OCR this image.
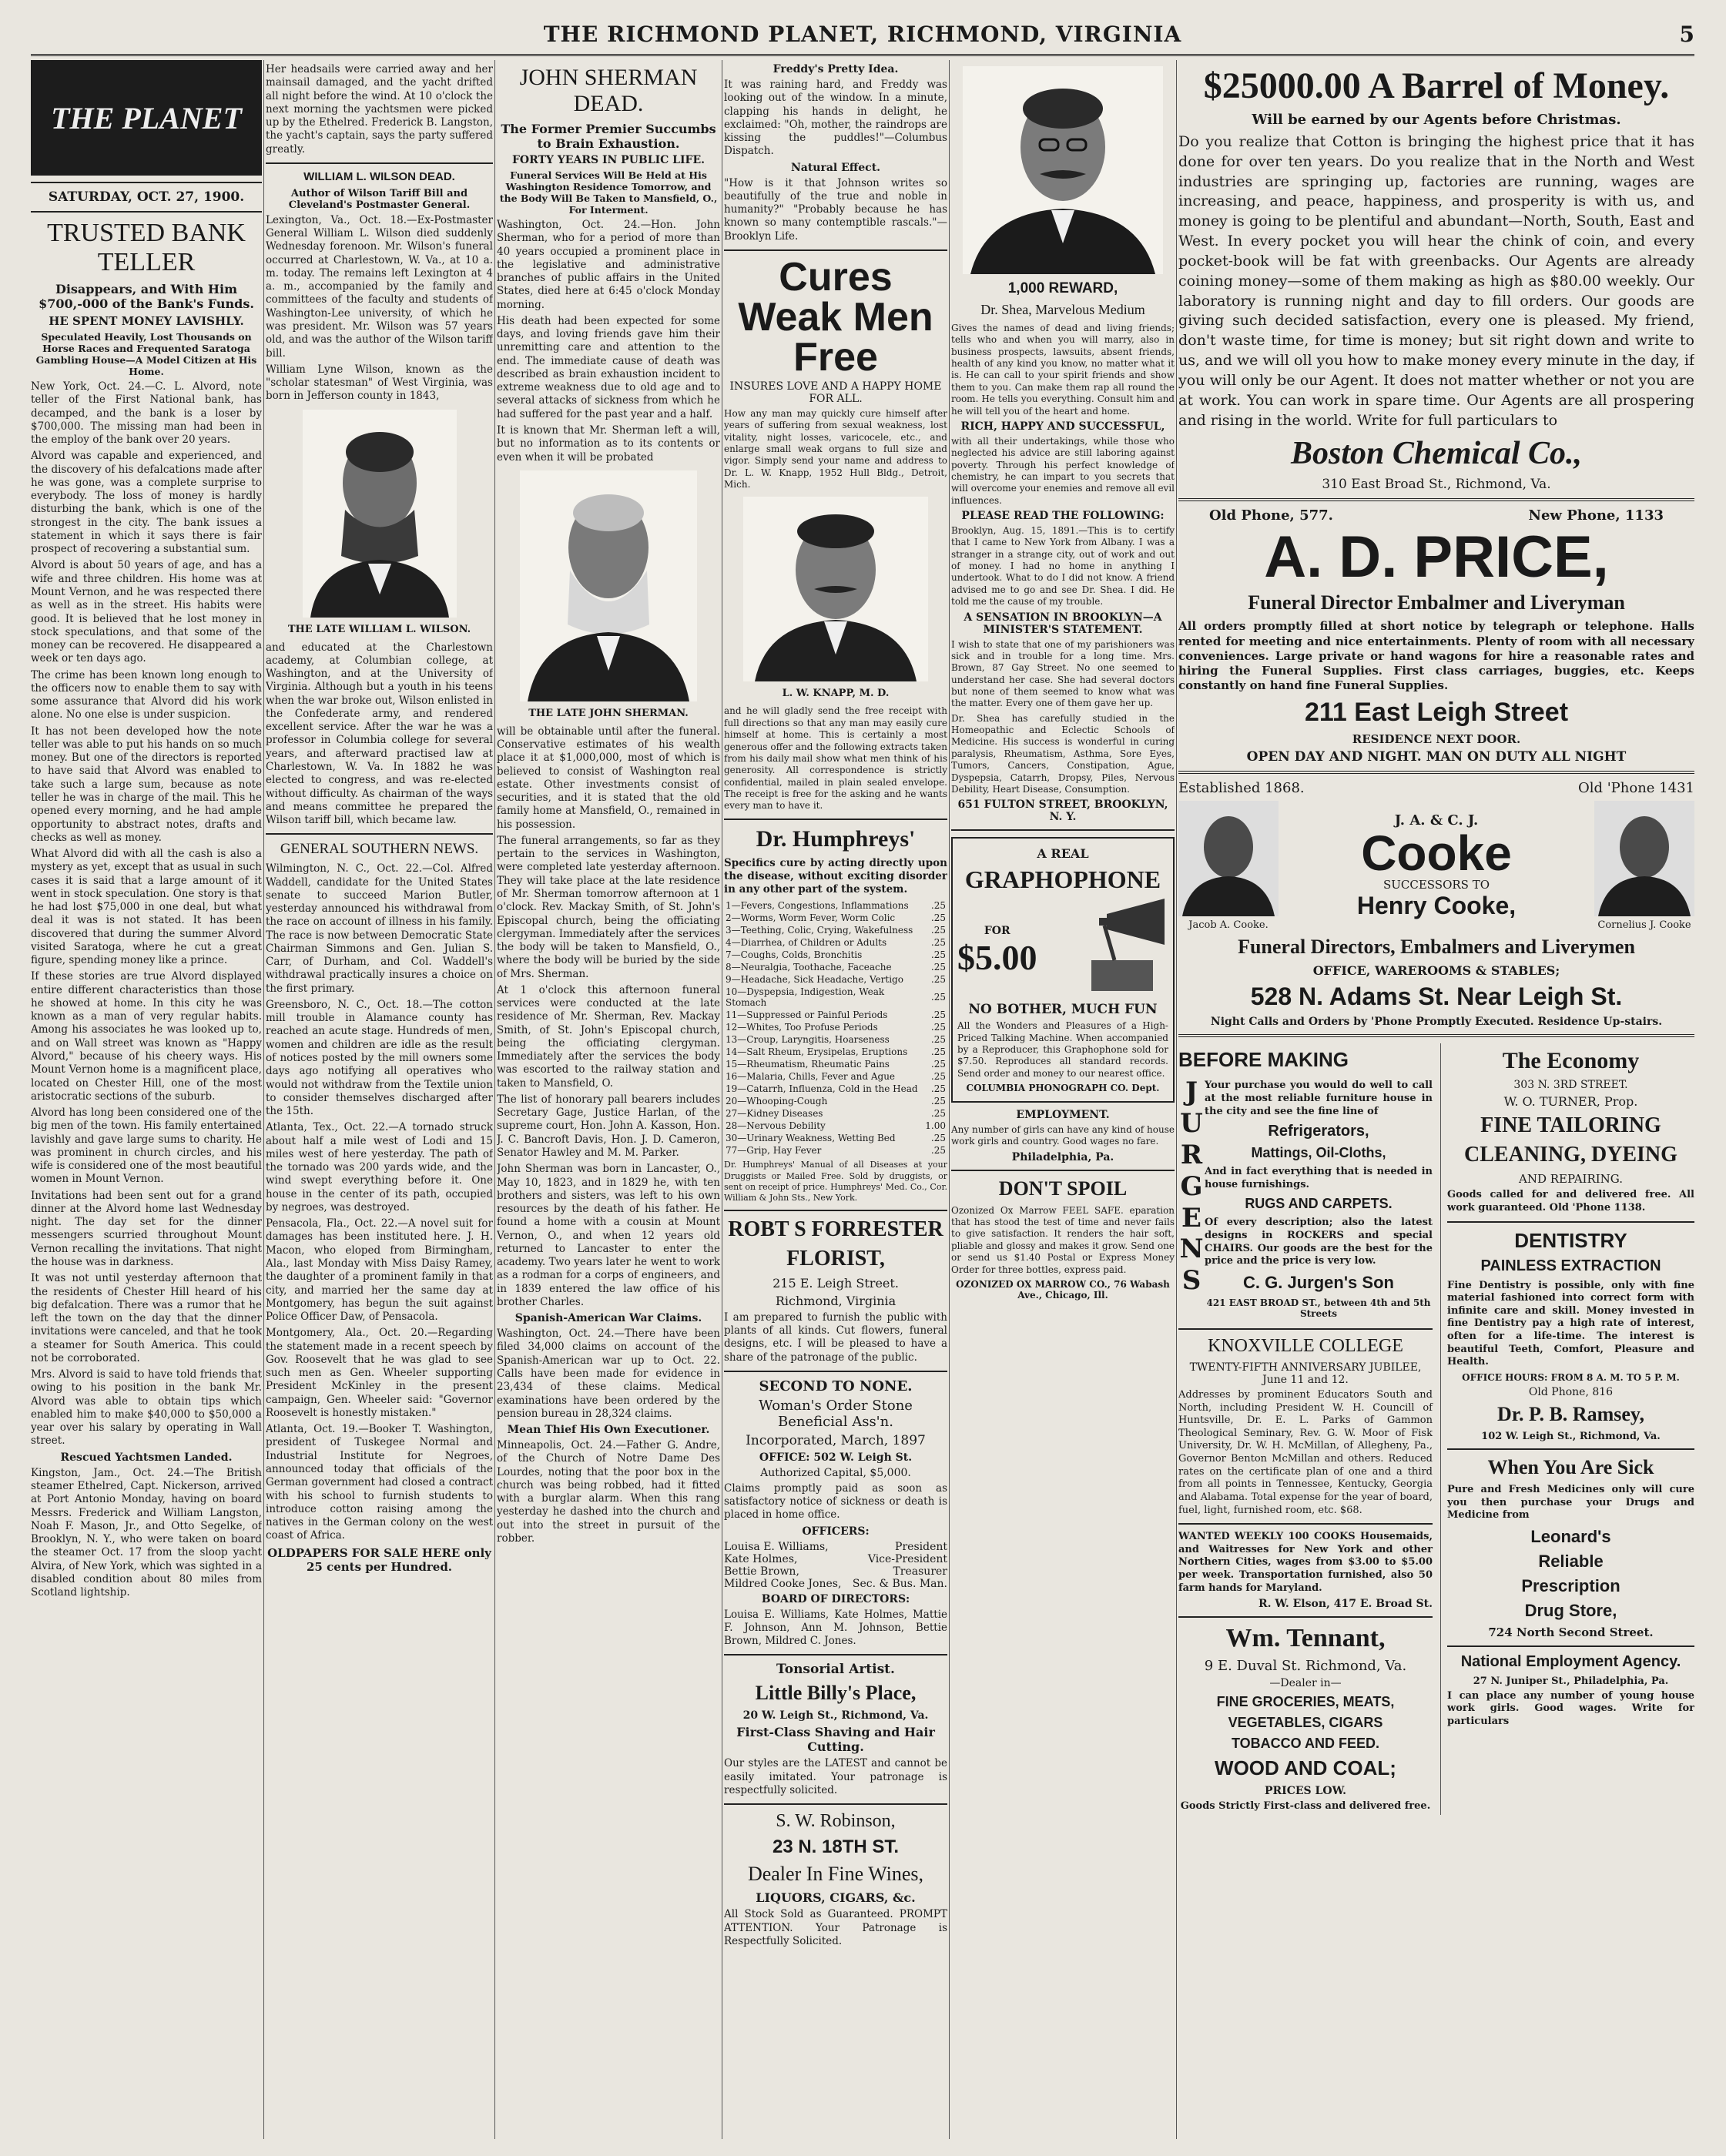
THE RICHMOND PLANET, RICHMOND, VIRGINIA	5
THE PLANET
SATURDAY, OCT. 27, 1900.
TRUSTED BANK TELLER
Disappears, and With Him $700,-000 of the Bank's Funds.
HE SPENT MONEY LAVISHLY.
Speculated Heavily, Lost Thousands on Horse Races and Frequented Saratoga Gambling House—A Model Citizen at His Home.

New York, Oct. 24.—C. L. Alvord, note teller of the First National bank, has decamped, and the bank is a loser by $700,000. The missing man had been in the employ of the bank over 20 years.

Alvord was capable and experienced, and the discovery of his defalcations made after he was gone, was a complete surprise to everybody. The loss of money is hardly disturbing the bank, which is one of the strongest in the city. The bank issues a statement in which it says there is fair prospect of recovering a substantial sum.

Alvord is about 50 years of age, and has a wife and three children. His home was at Mount Vernon, and he was respected there as well as in the street. His habits were good. It is believed that he lost money in stock speculations, and that some of the money can be recovered. He disappeared a week or ten days ago.

The crime has been known long enough to the officers now to enable them to say with some assurance that Alvord did his work alone. No one else is under suspicion.

It has not been developed how the note teller was able to put his hands on so much money. But one of the directors is reported to have said that Alvord was enabled to take such a large sum, because as note teller he was in charge of the mail. This he opened every morning, and he had ample opportunity to abstract notes, drafts and checks as well as money.

What Alvord did with all the cash is also a mystery as yet, except that as usual in such cases it is said that a large amount of it went in stock speculation. One story is that he had lost $75,000 in one deal, but what deal it was is not stated. It has been discovered that during the summer Alvord visited Saratoga, where he cut a great figure, spending money like a prince.

If these stories are true Alvord displayed entire different characteristics than those he showed at home. In this city he was known as a man of very regular habits. Among his associates he was looked up to, and on Wall street was known as "Happy Alvord," because of his cheery ways. His Mount Vernon home is a magnificent place, located on Chester Hill, one of the most aristocratic sections of the suburb.

Alvord has long been considered one of the big men of the town. His family entertained lavishly and gave large sums to charity. He was prominent in church circles, and his wife is considered one of the most beautiful women in Mount Vernon.

Invitations had been sent out for a grand dinner at the Alvord home last Wednesday night. The day set for the dinner messengers scurried throughout Mount Vernon recalling the invitations. That night the house was in darkness.

It was not until yesterday afternoon that the residents of Chester Hill heard of his big defalcation. There was a rumor that he left the town on the day that the dinner invitations were canceled, and that he took a steamer for South America. This could not be corroborated.

Mrs. Alvord is said to have told friends that owing to his position in the bank Mr. Alvord was able to obtain tips which enabled him to make $40,000 to $50,000 a year over his salary by operating in Wall street.

Rescued Yachtsmen Landed.

Kingston, Jam., Oct. 24.—The British steamer Ethelred, Capt. Nickerson, arrived at Port Antonio Monday, having on board Messrs. Frederick and William Langston, Noah F. Mason, Jr., and Otto Segelke, of Brooklyn, N. Y., who were taken on board the steamer Oct. 17 from the sloop yacht Alvira, of New York, which was sighted in a disabled condition about 80 miles from Scotland lightship.

Her headsails were carried away and her mainsail damaged, and the yacht drifted all night before the wind. At 10 o'clock the next morning the yachtsmen were picked up by the Ethelred. Frederick B. Langston, the yacht's captain, says the party suffered greatly.

WILLIAM L. WILSON DEAD.
Author of Wilson Tariff Bill and Cleveland's Postmaster General.

Lexington, Va., Oct. 18.—Ex-Postmaster General William L. Wilson died suddenly Wednesday forenoon. Mr. Wilson's funeral occurred at Charlestown, W. Va., at 10 a. m. today. The remains left Lexington at 4 a. m., accompanied by the family and committees of the faculty and students of Washington-Lee university, of which he was president. Mr. Wilson was 57 years old, and was the author of the Wilson tariff bill.

William Lyne Wilson, known as the "scholar statesman" of West Virginia, was born in Jefferson county in 1843,

THE LATE WILLIAM L. WILSON.

and educated at the Charlestown academy, at Columbian college, at Washington, and at the University of Virginia. Although but a youth in his teens when the war broke out, Wilson enlisted in the Confederate army, and rendered excellent service. After the war he was a professor in Columbia college for several years, and afterward practised law at Charlestown, W. Va. In 1882 he was elected to congress, and was re-elected without difficulty. As chairman of the ways and means committee he prepared the Wilson tariff bill, which became law.

GENERAL SOUTHERN NEWS.

Wilmington, N. C., Oct. 22.—Col. Alfred Waddell, candidate for the United States senate to succeed Marion Butler, yesterday announced his withdrawal from the race on account of illness in his family. The race is now between Democratic State Chairman Simmons and Gen. Julian S. Carr, of Durham, and Col. Waddell's withdrawal practically insures a choice on the first primary.

Greensboro, N. C., Oct. 18.—The cotton mill trouble in Alamance county has reached an acute stage. Hundreds of men, women and children are idle as the result of notices posted by the mill owners some days ago notifying all operatives who would not withdraw from the Textile union to consider themselves discharged after the 15th.

Atlanta, Tex., Oct. 22.—A tornado struck about half a mile west of Lodi and 15 miles west of here yesterday. The path of the tornado was 200 yards wide, and the wind swept everything before it. One house in the center of its path, occupied by negroes, was destroyed.

Pensacola, Fla., Oct. 22.—A novel suit for damages has been instituted here. J. H. Macon, who eloped from Birmingham, Ala., last Monday with Miss Daisy Ramey, the daughter of a prominent family in that city, and married her the same day at Montgomery, has begun the suit against Police Officer Daw, of Pensacola.

Montgomery, Ala., Oct. 20.—Regarding the statement made in a recent speech by Gov. Roosevelt that he was glad to see such men as Gen. Wheeler supporting President McKinley in the present campaign, Gen. Wheeler said: "Governor Roosevelt is honestly mistaken."

Atlanta, Oct. 19.—Booker T. Washington, president of Tuskegee Normal and Industrial Institute for Negroes, announced today that officials of the German government had closed a contract with his school to furnish students to introduce cotton raising among the natives in the German colony on the west coast of Africa.

OLDPAPERS FOR SALE HERE only 25 cents per Hundred.
JOHN SHERMAN DEAD.
The Former Premier Succumbs to Brain Exhaustion.
FORTY YEARS IN PUBLIC LIFE.
Funeral Services Will Be Held at His Washington Residence Tomorrow, and the Body Will Be Taken to Mansfield, O., For Interment.

Washington, Oct. 24.—Hon. John Sherman, who for a period of more than 40 years occupied a prominent place in the legislative and administrative branches of public affairs in the United States, died here at 6:45 o'clock Monday morning.

His death had been expected for some days, and loving friends gave him their unremitting care and attention to the end. The immediate cause of death was described as brain exhaustion incident to extreme weakness due to old age and to several attacks of sickness from which he had suffered for the past year and a half.

It is known that Mr. Sherman left a will, but no information as to its contents or even when it will be probated

THE LATE JOHN SHERMAN.

will be obtainable until after the funeral. Conservative estimates of his wealth place it at $1,000,000, most of which is believed to consist of Washington real estate. Other investments consist of securities, and it is stated that the old family home at Mansfield, O., remained in his possession.

The funeral arrangements, so far as they pertain to the services in Washington, were completed late yesterday afternoon. They will take place at the late residence of Mr. Sherman tomorrow afternoon at 1 o'clock. Rev. Mackay Smith, of St. John's Episcopal church, being the officiating clergyman. Immediately after the services the body will be taken to Mansfield, O., where the body will be buried by the side of Mrs. Sherman.

At 1 o'clock this afternoon funeral services were conducted at the late residence of Mr. Sherman, Rev. Mackay Smith, of St. John's Episcopal church, being the officiating clergyman. Immediately after the services the body was escorted to the railway station and taken to Mansfield, O.

The list of honorary pall bearers includes Secretary Gage, Justice Harlan, of the supreme court, Hon. John A. Kasson, Hon. J. C. Bancroft Davis, Hon. J. D. Cameron, Senator Hawley and M. M. Parker.

John Sherman was born in Lancaster, O., May 10, 1823, and in 1829 he, with ten brothers and sisters, was left to his own resources by the death of his father. He found a home with a cousin at Mount Vernon, O., and when 12 years old returned to Lancaster to enter the academy. Two years later he went to work as a rodman for a corps of engineers, and in 1839 entered the law office of his brother Charles.

Spanish-American War Claims.

Washington, Oct. 24.—There have been filed 34,000 claims on account of the Spanish-American war up to Oct. 22. Calls have been made for evidence in 23,434 of these claims. Medical examinations have been ordered by the pension bureau in 28,324 claims.

Mean Thief His Own Executioner.

Minneapolis, Oct. 24.—Father G. Andre, of the Church of Notre Dame Des Lourdes, noting that the poor box in the church was being robbed, had it fitted with a burglar alarm. When this rang yesterday he dashed into the church and out into the street in pursuit of the robber.

Freddy's Pretty Idea.

It was raining hard, and Freddy was looking out of the window. In a minute, clapping his hands in delight, he exclaimed: "Oh, mother, the raindrops are kissing the puddles!"—Columbus Dispatch.

Natural Effect.

"How is it that Johnson writes so beautifully of the true and noble in humanity?" "Probably because he has known so many contemptible rascals."—Brooklyn Life.

Cures
Weak Men
Free
INSURES LOVE AND A HAPPY HOME FOR ALL.

How any man may quickly cure himself after years of suffering from sexual weakness, lost vitality, night losses, varicocele, etc., and enlarge small weak organs to full size and vigor. Simply send your name and address to Dr. L. W. Knapp, 1952 Hull Bldg., Detroit, Mich.

L. W. KNAPP, M. D.

and he will gladly send the free receipt with full directions so that any man may easily cure himself at home. This is certainly a most generous offer and the following extracts taken from his daily mail show what men think of his generosity. All correspondence is strictly confidential, mailed in plain sealed envelope. The receipt is free for the asking and he wants every man to have it.

Dr. Humphreys'

Specifics cure by acting directly upon the disease, without exciting disorder in any other part of the system.

1—Fevers, Congestions, Inflammations	.25
2—Worms, Worm Fever, Worm Colic	.25
3—Teething, Colic, Crying, Wakefulness	.25
4—Diarrhea, of Children or Adults	.25
7—Coughs, Colds, Bronchitis	.25
8—Neuralgia, Toothache, Faceache	.25
9—Headache, Sick Headache, Vertigo	.25
10—Dyspepsia, Indigestion, Weak Stomach	.25
11—Suppressed or Painful Periods	.25
12—Whites, Too Profuse Periods	.25
13—Croup, Laryngitis, Hoarseness	.25
14—Salt Rheum, Erysipelas, Eruptions	.25
15—Rheumatism, Rheumatic Pains	.25
16—Malaria, Chills, Fever and Ague	.25
19—Catarrh, Influenza, Cold in the Head	.25
20—Whooping-Cough	.25
27—Kidney Diseases	.25
28—Nervous Debility	1.00
30—Urinary Weakness, Wetting Bed	.25
77—Grip, Hay Fever	.25

Dr. Humphreys' Manual of all Diseases at your Druggists or Mailed Free. Sold by druggists, or sent on receipt of price. Humphreys' Med. Co., Cor. William & John Sts., New York.

ROBT S FORRESTER
FLORIST,
215 E. Leigh Street.
Richmond, Virginia

I am prepared to furnish the public with plants of all kinds. Cut flowers, funeral designs, etc. I will be pleased to have a share of the patronage of the public.

SECOND TO NONE.
Woman's Order Stone Beneficial Ass'n.
Incorporated, March, 1897
OFFICE: 502 W. Leigh St.
Authorized Capital, $5,000.

Claims promptly paid as soon as satisfactory notice of sickness or death is placed in home office.

OFFICERS:
Louisa E. Williams,	President
Kate Holmes,	Vice-President
Bettie Brown,	Treasurer
Mildred Cooke Jones, Sec. & Bus. Man.
BOARD OF DIRECTORS:

Louisa E. Williams, Kate Holmes, Mattie F. Johnson, Ann M. Johnson, Bettie Brown, Mildred C. Jones.

Tonsorial Artist.
Little Billy's Place,
20 W. Leigh St., Richmond, Va.
First-Class Shaving and Hair Cutting.

Our styles are the LATEST and cannot be easily imitated. Your patronage is respectfully solicited.

S. W. Robinson,
23 N. 18TH ST.
Dealer In Fine Wines,
LIQUORS, CIGARS, &c.

All Stock Sold as Guaranteed. PROMPT ATTENTION. Your Patronage is Respectfully Solicited.

1,000 REWARD,
Dr. Shea, Marvelous Medium

Gives the names of dead and living friends; tells who and when you will marry, also in business prospects, lawsuits, absent friends, health of any kind you know, no matter what it is. He can call to your spirit friends and show them to you. Can make them rap all round the room. He tells you everything. Consult him and he will tell you of the heart and home.

RICH, HAPPY AND SUCCESSFUL,

with all their undertakings, while those who neglected his advice are still laboring against poverty. Through his perfect knowledge of chemistry, he can impart to you secrets that will overcome your enemies and remove all evil influences.

PLEASE READ THE FOLLOWING:

Brooklyn, Aug. 15, 1891.—This is to certify that I came to New York from Albany. I was a stranger in a strange city, out of work and out of money. I had no home in anything I undertook. What to do I did not know. A friend advised me to go and see Dr. Shea. I did. He told me the cause of my trouble.

A SENSATION IN BROOKLYN—A MINISTER'S STATEMENT.

I wish to state that one of my parishioners was sick and in trouble for a long time. Mrs. Brown, 87 Gay Street. No one seemed to understand her case. She had several doctors but none of them seemed to know what was the matter. Every one of them gave her up.

Dr. Shea has carefully studied in the Homeopathic and Eclectic Schools of Medicine. His success is wonderful in curing paralysis, Rheumatism, Asthma, Sore Eyes, Tumors, Cancers, Constipation, Ague, Dyspepsia, Catarrh, Dropsy, Piles, Nervous Debility, Heart Disease, Consumption.

651 FULTON STREET, BROOKLYN, N. Y.
A REAL
GRAPHOPHONE
FOR
$5.00
NO BOTHER, MUCH FUN

All the Wonders and Pleasures of a High-Priced Talking Machine. When accompanied by a Reproducer, this Graphophone sold for $7.50. Reproduces all standard records. Send order and money to our nearest office.

COLUMBIA PHONOGRAPH CO. Dept.
EMPLOYMENT.

Any number of girls can have any kind of house work girls and country. Good wages no fare.

Philadelphia, Pa.
DON'T SPOIL

Ozonized Ox Marrow FEEL SAFE. eparation that has stood the test of time and never fails to give satisfaction. It renders the hair soft, pliable and glossy and makes it grow. Send one or send us $1.40 Postal or Express Money Order for three bottles, express paid.

OZONIZED OX MARROW CO., 76 Wabash Ave., Chicago, Ill.
$25000.00 A Barrel of Money.
Will be earned by our Agents before Christmas.

Do you realize that Cotton is bringing the highest price that it has done for over ten years. Do you realize that in the North and West industries are springing up, factories are running, wages are increasing, and peace, happiness, and prosperity is with us, and money is going to be plentiful and abundant—North, South, East and West. In every pocket you will hear the chink of coin, and every pocket-book will be fat with greenbacks. Our Agents are already coining money—some of them making as high as $80.00 weekly. Our laboratory is running night and day to fill orders. Our goods are giving such decided satisfaction, every one is pleased. My friend, don't waste time, for time is money; but sit right down and write to us, and we will oll you how to make money every minute in the day, if you will only be our Agent. It does not matter whether or not you are at work. You can work in spare time. Our Agents are all prospering and rising in the world. Write for full particulars to

Boston Chemical Co.,
310 East Broad St., Richmond, Va.
Old Phone, 577.	New Phone, 1133
A. D. PRICE,
Funeral Director Embalmer and Liveryman

All orders promptly filled at short notice by telegraph or telephone. Halls rented for meeting and nice entertainments. Plenty of room with all necessary conveniences. Large private or hand wagons for hire a reasonable rates and hiring the Funeral Supplies. First class carriages, buggies, etc. Keeps constantly on hand fine Funeral Supplies.

211 East Leigh Street
RESIDENCE NEXT DOOR.
OPEN DAY AND NIGHT. MAN ON DUTY ALL NIGHT
Established 1868.	Old 'Phone 1431
Jacob A. Cooke.
J. A. & C. J.
Cooke
SUCCESSORS TO
Henry Cooke,
Cornelius J. Cooke
Funeral Directors, Embalmers and Liverymen
OFFICE, WAREROOMS & STABLES;
528 N. Adams St. Near Leigh St.
Night Calls and Orders by 'Phone Promptly Executed. Residence Up-stairs.
BEFORE MAKING
JURGENS

Your purchase you would do well to call at the most reliable furniture house in the city and see the fine line of

Refrigerators,
Mattings, Oil-Cloths,

And in fact everything that is needed in house furnishings.

RUGS AND CARPETS.

Of every description; also the latest designs in ROCKERS and special CHAIRS. Our goods are the best for the price and the price is very low.

C. G. Jurgen's Son
421 EAST BROAD ST., between 4th and 5th Streets
KNOXVILLE COLLEGE
TWENTY-FIFTH ANNIVERSARY JUBILEE, June 11 and 12.

Addresses by prominent Educators South and North, including President W. H. Councill of Huntsville, Dr. E. L. Parks of Gammon Theological Seminary, Rev. G. W. Moor of Fisk University, Dr. W. H. McMillan, of Allegheny, Pa., Governor Benton McMillan and others. Reduced rates on the certificate plan of one and a third from all points in Tennessee, Kentucky, Georgia and Alabama. Total expense for the year of board, fuel, light, furnished room, etc. $68.

WANTED WEEKLY 100 COOKS Housemaids, and Waitresses for New York and other Northern Cities, wages from $3.00 to $5.00 per week. Transportation furnished, also 50 farm hands for Maryland.

R. W. Elson, 417 E. Broad St.
Wm. Tennant,
9 E. Duval St. Richmond, Va.
—Dealer in—
FINE GROCERIES, MEATS,
VEGETABLES, CIGARS
TOBACCO AND FEED.
WOOD AND COAL;
PRICES LOW.
Goods Strictly First-class and delivered free.
The Economy
303 N. 3RD STREET.
W. O. TURNER, Prop.
FINE TAILORING
CLEANING, DYEING
AND REPAIRING.

Goods called for and delivered free. All work guaranteed. Old 'Phone 1138.

DENTISTRY
PAINLESS EXTRACTION

Fine Dentistry is possible, only with fine material fashioned into correct form with infinite care and skill. Money invested in fine Dentistry pay a high rate of interest, often for a life-time. The interest is beautiful Teeth, Comfort, Pleasure and Health.

OFFICE HOURS: FROM 8 A. M. TO 5 P. M.
Old Phone, 816
Dr. P. B. Ramsey,
102 W. Leigh St., Richmond, Va.
When You Are Sick

Pure and Fresh Medicines only will cure you then purchase your Drugs and Medicine from

Leonard's
Reliable
Prescription
Drug Store,
724 North Second Street.
National Employment Agency.
27 N. Juniper St., Philadelphia, Pa.

I can place any number of young house work girls. Good wages. Write for particulars
